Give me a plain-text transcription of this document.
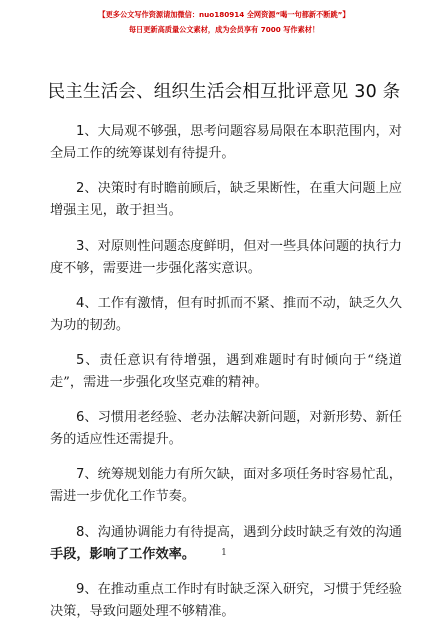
【更多公文写作资源请加微信：nuo180914 全网资源“喝一句都新不断跳”】
每日更新高质量公文素材，成为会员享有 7000 写作素材！
民主生活会、组织生活会相互批评意见 30 条

1、大局观不够强，思考问题容易局限在本职范围内，对全局工作的统筹谋划有待提升。

2、决策时有时瞻前顾后，缺乏果断性，在重大问题上应增强主见，敢于担当。

3、对原则性问题态度鲜明，但对一些具体问题的执行力度不够，需要进一步强化落实意识。

4、工作有激情，但有时抓而不紧、推而不动，缺乏久久为功的韧劲。

5、责任意识有待增强，遇到难题时有时倾向于“绕道走”，需进一步强化攻坚克难的精神。

6、习惯用老经验、老办法解决新问题，对新形势、新任务的适应性还需提升。

7、统筹规划能力有所欠缺，面对多项任务时容易忙乱，需进一步优化工作节奏。

8、沟通协调能力有待提高，遇到分歧时缺乏有效的沟通手段，影响了工作效率。

9、在推动重点工作时有时缺乏深入研究，习惯于凭经验决策，导致问题处理不够精准。

1
